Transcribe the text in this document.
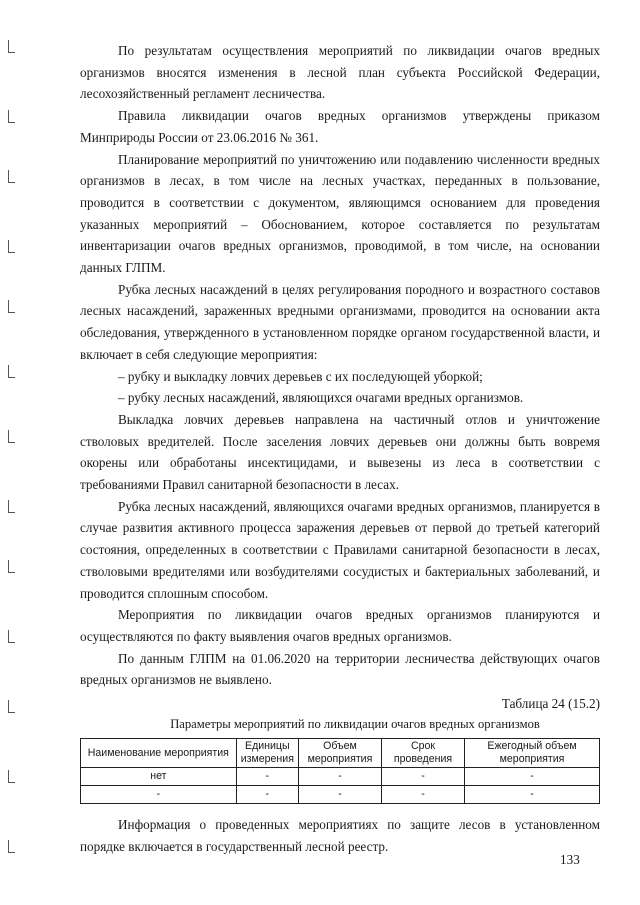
По результатам осуществления мероприятий по ликвидации очагов вредных организмов вносятся изменения в лесной план субъекта Российской Федерации, лесохозяйственный регламент лесничества.

Правила ликвидации очагов вредных организмов утверждены приказом Минприроды России от 23.06.2016 № 361.

Планирование мероприятий по уничтожению или подавлению численности вредных организмов в лесах, в том числе на лесных участках, переданных в пользование, проводится в соответствии с документом, являющимся основанием для проведения указанных мероприятий – Обоснованием, которое составляется по результатам инвентаризации очагов вредных организмов, проводимой, в том числе, на основании данных ГЛПМ.

Рубка лесных насаждений в целях регулирования породного и возрастного составов лесных насаждений, зараженных вредными организмами, проводится на основании акта обследования, утвержденного в установленном порядке органом государственной власти, и включает в себя следующие мероприятия:

– рубку и выкладку ловчих деревьев с их последующей уборкой;

– рубку лесных насаждений, являющихся очагами вредных организмов.

Выкладка ловчих деревьев направлена на частичный отлов и уничтожение стволовых вредителей. После заселения ловчих деревьев они должны быть вовремя окорены или обработаны инсектицидами, и вывезены из леса в соответствии с требованиями Правил санитарной безопасности в лесах.

Рубка лесных насаждений, являющихся очагами вредных организмов, планируется в случае развития активного процесса заражения деревьев от первой до третьей категорий состояния, определенных в соответствии с Правилами санитарной безопасности в лесах, стволовыми вредителями или возбудителями сосудистых и бактериальных заболеваний, и проводится сплошным способом.

Мероприятия по ликвидации очагов вредных организмов планируются и осуществляются по факту выявления очагов вредных организмов.

По данным ГЛПМ на 01.06.2020 на территории лесничества действующих очагов вредных организмов не выявлено.

Таблица 24 (15.2)
Параметры мероприятий по ликвидации очагов вредных организмов
Наименование мероприятия	Единицы измерения	Объем мероприятия	Срок проведения	Ежегодный объем мероприятия
нет	-	-	-	-
-	-	-	-	-

Информация о проведенных мероприятиях по защите лесов в установленном порядке включается в государственный лесной реестр.

133
